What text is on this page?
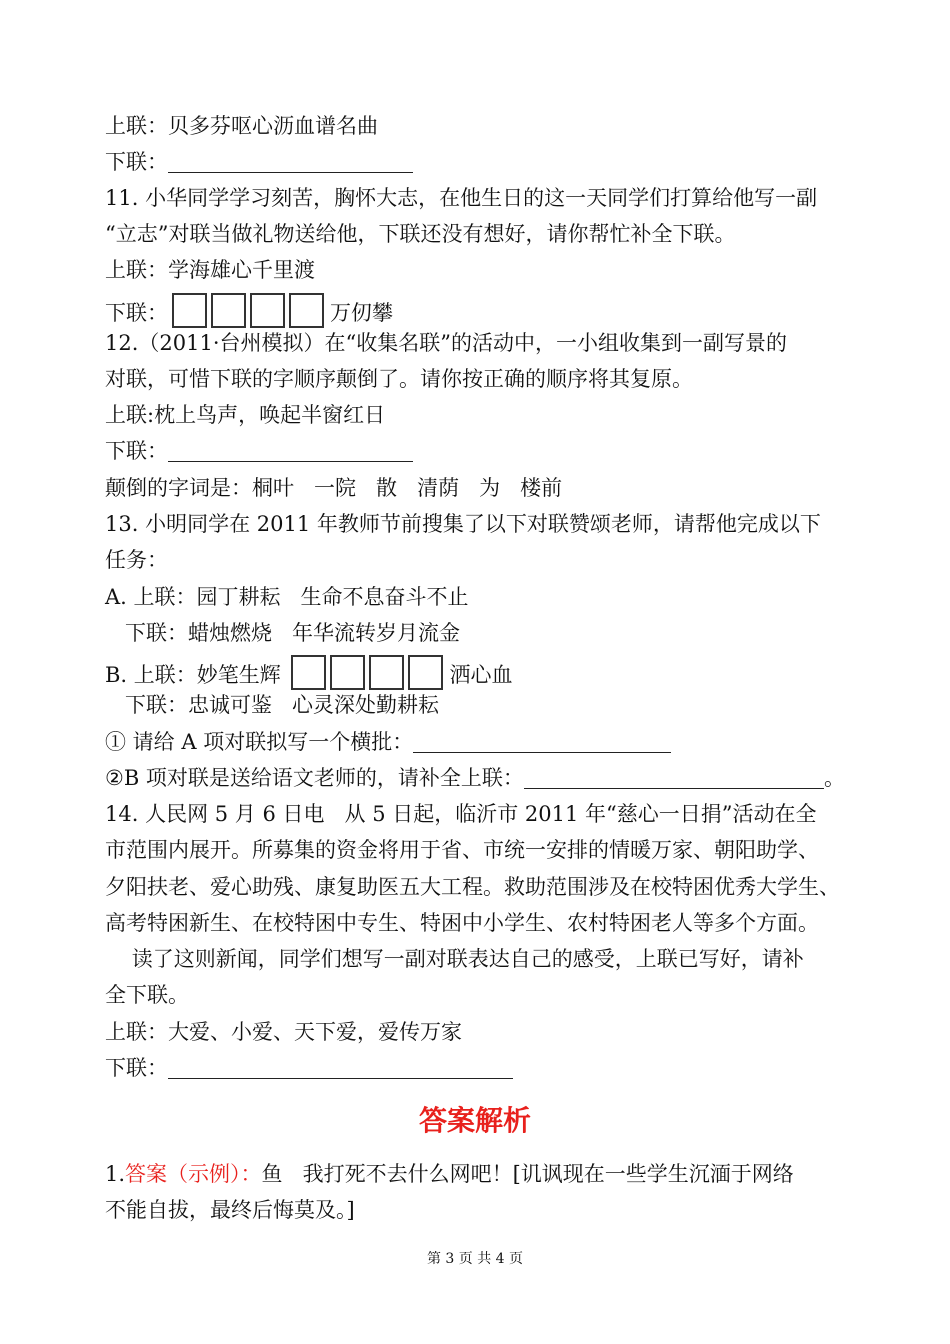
上联：贝多芬呕心沥血谱名曲
下联：
11. 小华同学学习刻苦，胸怀大志，在他生日的这一天同学们打算给他写一副
“立志”对联当做礼物送给他，下联还没有想好，请你帮忙补全下联。
上联：学海雄心千里渡
下联：	万仞攀
12.（2011·台州模拟）在“收集名联”的活动中，一小组收集到一副写景的
对联，可惜下联的字顺序颠倒了。请你按正确的顺序将其复原。
上联:枕上鸟声，唤起半窗红日
下联：
颠倒的字词是：桐叶   一院   散   清荫   为   楼前
13. 小明同学在 2011 年教师节前搜集了以下对联赞颂老师，请帮他完成以下
任务：
A. 上联：园丁耕耘   生命不息奋斗不止
下联：蜡烛燃烧   年华流转岁月流金
B. 上联：妙笔生辉	洒心血
下联：忠诚可鉴   心灵深处勤耕耘
① 请给 A 项对联拟写一个横批：
②B 项对联是送给语文老师的，请补全上联：	。
14. 人民网 5 月 6 日电   从 5 日起，临沂市 2011 年“慈心一日捐”活动在全
市范围内展开。所募集的资金将用于省、市统一安排的情暖万家、朝阳助学、
夕阳扶老、爱心助残、康复助医五大工程。救助范围涉及在校特困优秀大学生、
高考特困新生、在校特困中专生、特困中小学生、农村特困老人等多个方面。
读了这则新闻，同学们想写一副对联表达自己的感受，上联已写好，请补
全下联。
上联：大爱、小爱、天下爱，爱传万家
下联：
答案解析
1.答案（示例）：鱼   我打死不去什么网吧！[讥讽现在一些学生沉湎于网络
不能自拔，最终后悔莫及。]
第 3 页 共 4 页
